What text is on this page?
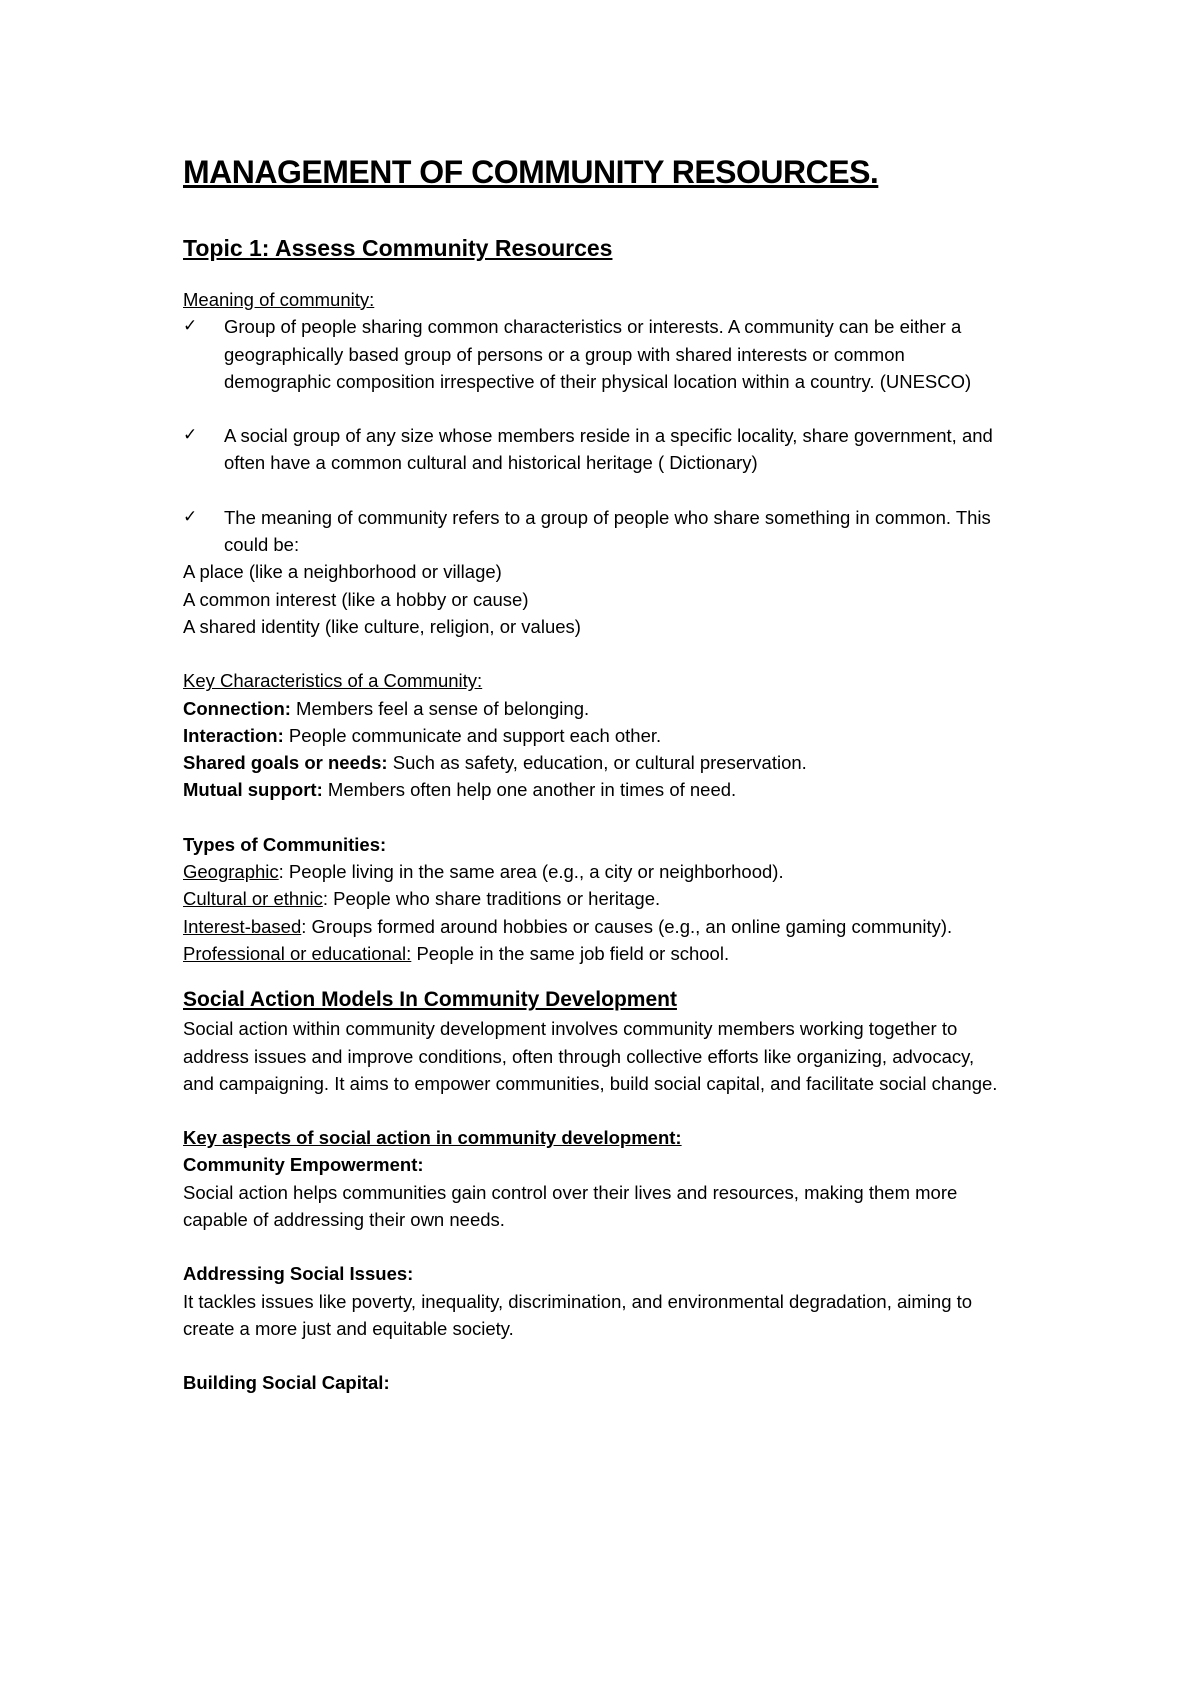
MANAGEMENT OF COMMUNITY RESOURCES.
Topic 1: Assess Community Resources

Meaning of community:

✓ Group of people sharing common characteristics or interests. A community can be either a geographically based group of persons or a group with shared interests or common demographic composition irrespective of their physical location within a country. (UNESCO)

✓ A social group of any size whose members reside in a specific locality, share government, and often have a common cultural and historical heritage ( Dictionary)

✓ The meaning of community refers to a group of people who share something in common. This could be:

A place (like a neighborhood or village)

A common interest (like a hobby or cause)

A shared identity (like culture, religion, or values)

Key Characteristics of a Community:

Connection: Members feel a sense of belonging.

Interaction: People communicate and support each other.

Shared goals or needs: Such as safety, education, or cultural preservation.

Mutual support: Members often help one another in times of need.

Types of Communities:

Geographic: People living in the same area (e.g., a city or neighborhood).

Cultural or ethnic: People who share traditions or heritage.

Interest-based: Groups formed around hobbies or causes (e.g., an online gaming community).

Professional or educational: People in the same job field or school.

Social Action Models In Community Development

Social action within community development involves community members working together to address issues and improve conditions, often through collective efforts like organizing, advocacy, and campaigning. It aims to empower communities, build social capital, and facilitate social change.

Key aspects of social action in community development:

Community Empowerment:

Social action helps communities gain control over their lives and resources, making them more capable of addressing their own needs.

Addressing Social Issues:

It tackles issues like poverty, inequality, discrimination, and environmental degradation, aiming to create a more just and equitable society.

Building Social Capital:
